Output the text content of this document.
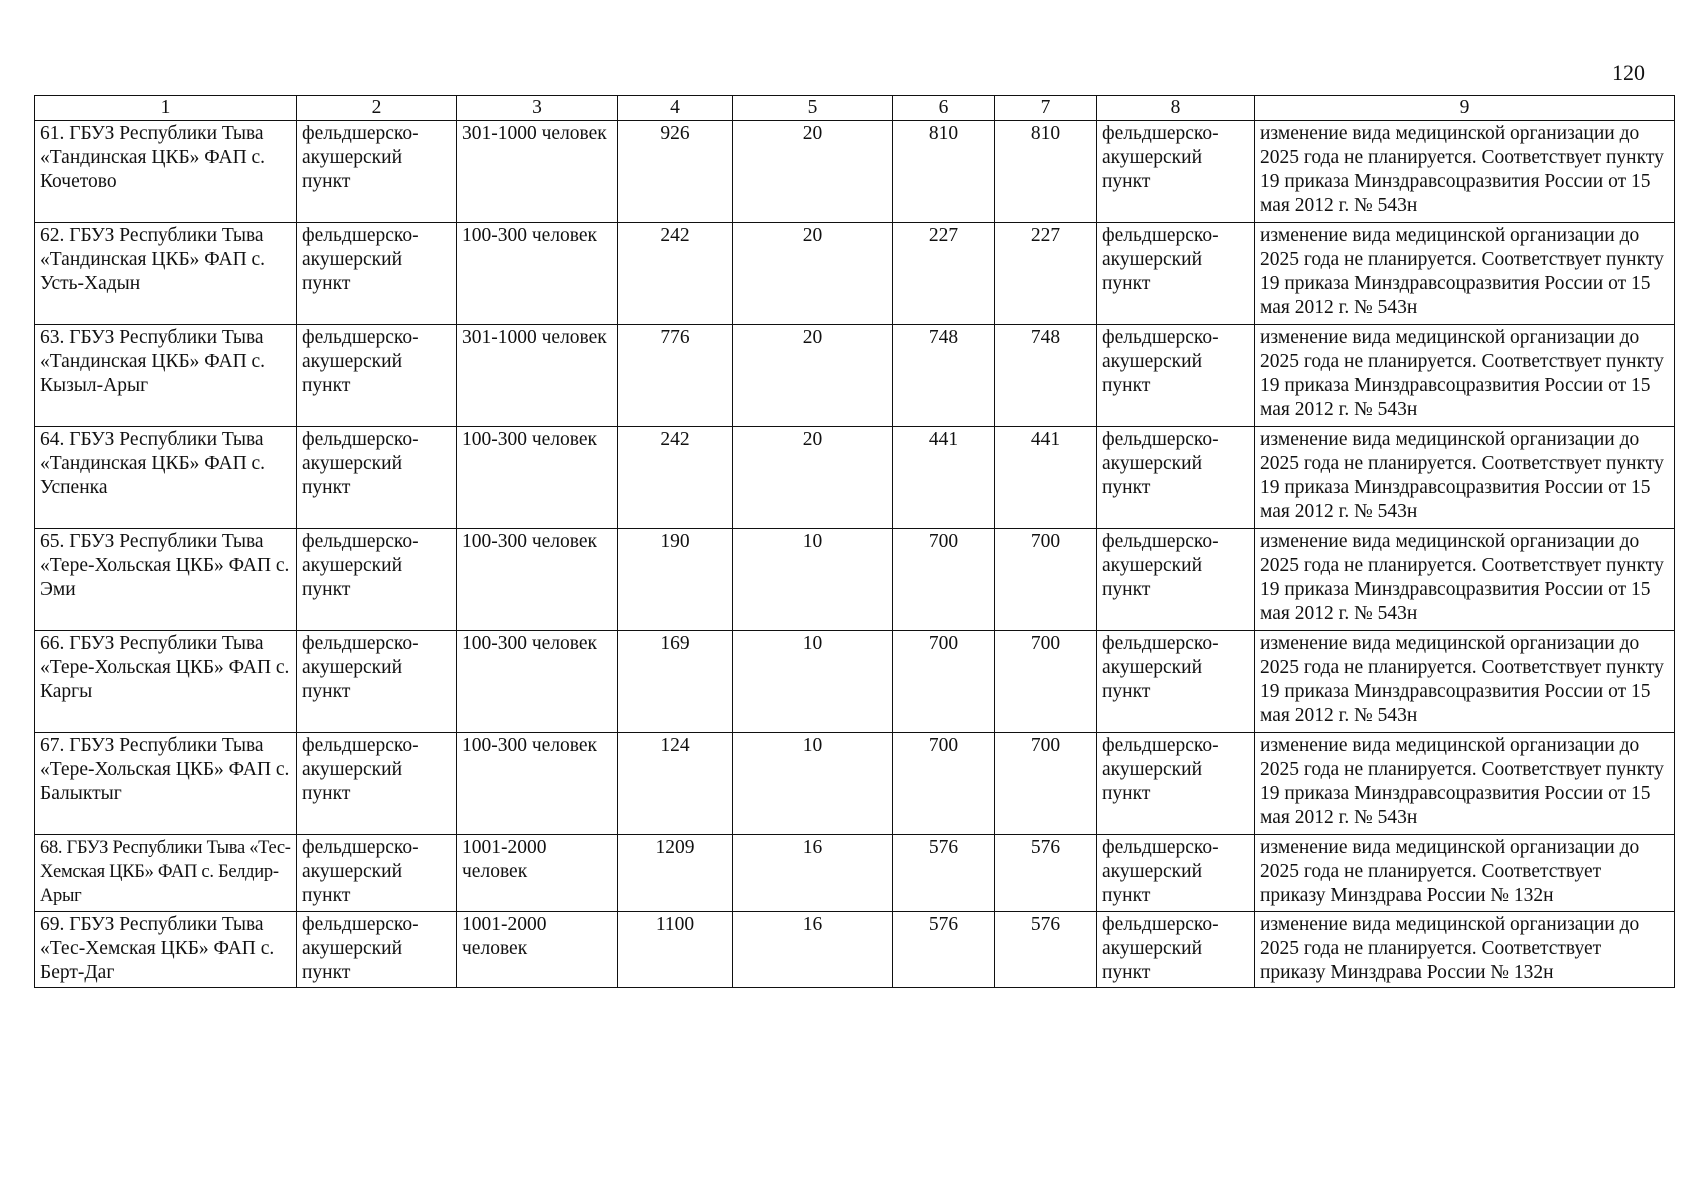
120
1	2	3	4	5	6	7	8	9
61. ГБУЗ Республики Тыва «Тандинская ЦКБ» ФАП с. Кочетово	фельдшерско-акушерский пункт	301-1000 человек	926	20	810	810	фельдшерско-акушерский пункт	изменение вида медицинской организации до 2025 года не планируется. Соответствует пункту 19 приказа Минздравсоцразвития России от 15 мая 2012 г. № 543н
62. ГБУЗ Республики Тыва «Тандинская ЦКБ» ФАП с. Усть-Хадын	фельдшерско-акушерский пункт	100-300 человек	242	20	227	227	фельдшерско-акушерский пункт	изменение вида медицинской организации до 2025 года не планируется. Соответствует пункту 19 приказа Минздравсоцразвития России от 15 мая 2012 г. № 543н
63. ГБУЗ Республики Тыва «Тандинская ЦКБ» ФАП с. Кызыл-Арыг	фельдшерско-акушерский пункт	301-1000 человек	776	20	748	748	фельдшерско-акушерский пункт	изменение вида медицинской организации до 2025 года не планируется. Соответствует пункту 19 приказа Минздравсоцразвития России от 15 мая 2012 г. № 543н
64. ГБУЗ Республики Тыва «Тандинская ЦКБ» ФАП с. Успенка	фельдшерско-акушерский пункт	100-300 человек	242	20	441	441	фельдшерско-акушерский пункт	изменение вида медицинской организации до 2025 года не планируется. Соответствует пункту 19 приказа Минздравсоцразвития России от 15 мая 2012 г. № 543н
65. ГБУЗ Республики Тыва «Тере-Хольская ЦКБ» ФАП с. Эми	фельдшерско-акушерский пункт	100-300 человек	190	10	700	700	фельдшерско-акушерский пункт	изменение вида медицинской организации до 2025 года не планируется. Соответствует пункту 19 приказа Минздравсоцразвития России от 15 мая 2012 г. № 543н
66. ГБУЗ Республики Тыва «Тере-Хольская ЦКБ» ФАП с. Каргы	фельдшерско-акушерский пункт	100-300 человек	169	10	700	700	фельдшерско-акушерский пункт	изменение вида медицинской организации до 2025 года не планируется. Соответствует пункту 19 приказа Минздравсоцразвития России от 15 мая 2012 г. № 543н
67. ГБУЗ Республики Тыва «Тере-Хольская ЦКБ» ФАП с. Балыктыг	фельдшерско-акушерский пункт	100-300 человек	124	10	700	700	фельдшерско-акушерский пункт	изменение вида медицинской организации до 2025 года не планируется. Соответствует пункту 19 приказа Минздравсоцразвития России от 15 мая 2012 г. № 543н
68. ГБУЗ Республики Тыва «Тес-Хемская ЦКБ» ФАП с. Белдир-Арыг	фельдшерско-акушерский пункт	1001-2000 человек	1209	16	576	576	фельдшерско-акушерский пункт	изменение вида медицинской организации до 2025 года не планируется. Соответствует приказу Минздрава России № 132н
69. ГБУЗ Республики Тыва «Тес-Хемская ЦКБ» ФАП с. Берт-Даг	фельдшерско-акушерский пункт	1001-2000 человек	1100	16	576	576	фельдшерско-акушерский пункт	изменение вида медицинской организации до 2025 года не планируется. Соответствует приказу Минздрава России № 132н
